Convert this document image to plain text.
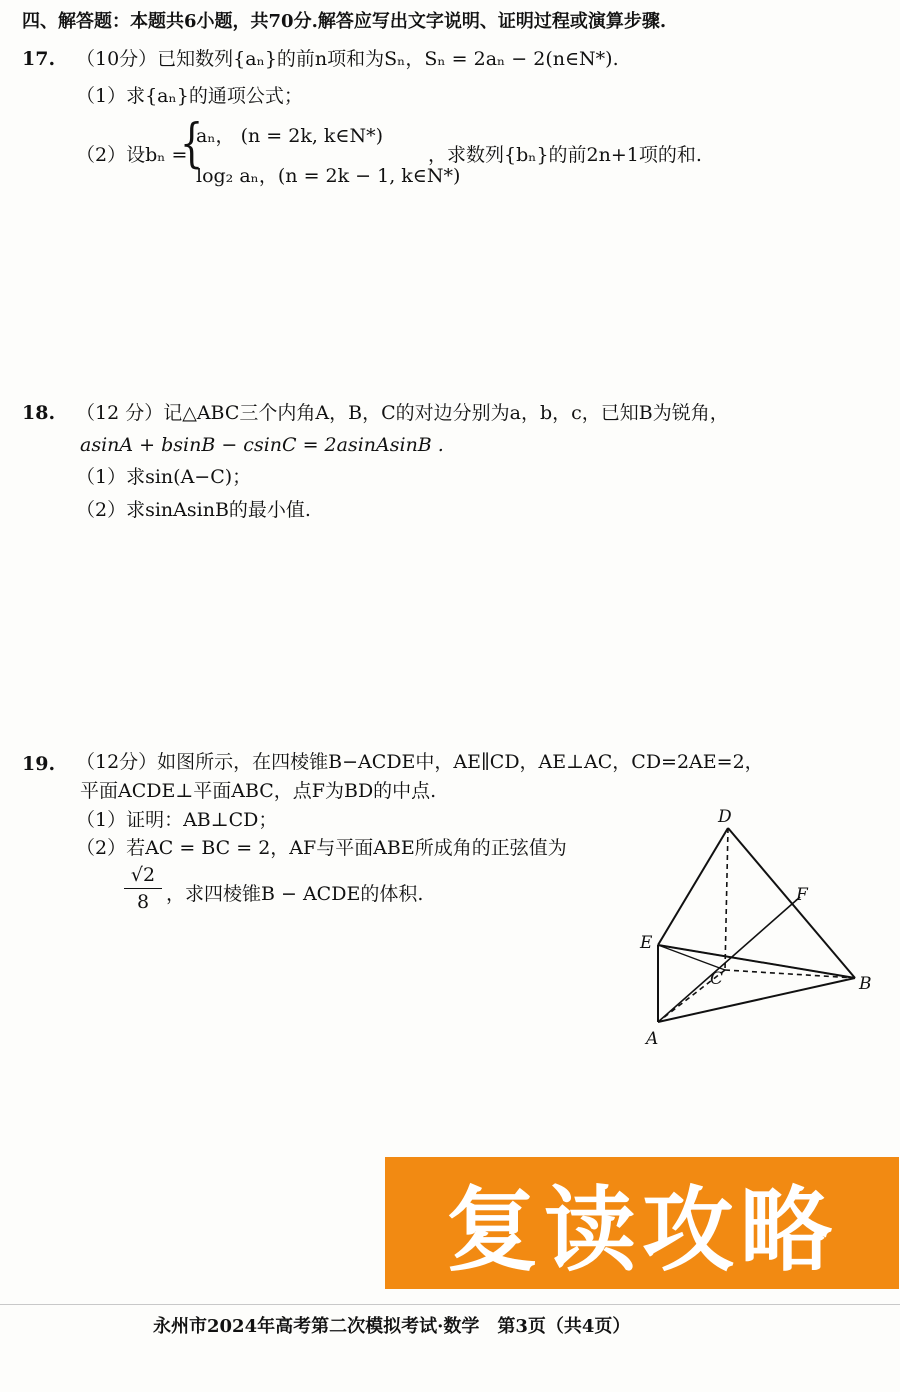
四、解答题：本题共6小题，共70分.解答应写出文字说明、证明过程或演算步骤.
17. （10分）已知数列{aₙ}的前n项和为Sₙ，Sₙ = 2aₙ − 2(n∈N*).
（1）求{aₙ}的通项公式；
（2）设bₙ =
{
aₙ， (n = 2k, k∈N*)
log₂ aₙ，(n = 2k − 1, k∈N*)
，求数列{bₙ}的前2n+1项的和.
18. （12 分）记△ABC三个内角A，B，C的对边分别为a，b，c，已知B为锐角，
asinA + bsinB − csinC = 2asinAsinB .
（1）求sin(A−C)；
（2）求sinAsinB的最小值.
19. （12分）如图所示，在四棱锥B−ACDE中，AE∥CD，AE⊥AC，CD=2AE=2，
平面ACDE⊥平面ABC，点F为BD的中点.
（1）证明：AB⊥CD；
（2）若AC = BC = 2，AF与平面ABE所成角的正弦值为
√2
8 ，求四棱锥B − ACDE的体积.
D
E
F
C	B
A
复读攻略
永州市2024年高考第二次模拟考试·数学　第3页（共4页）
